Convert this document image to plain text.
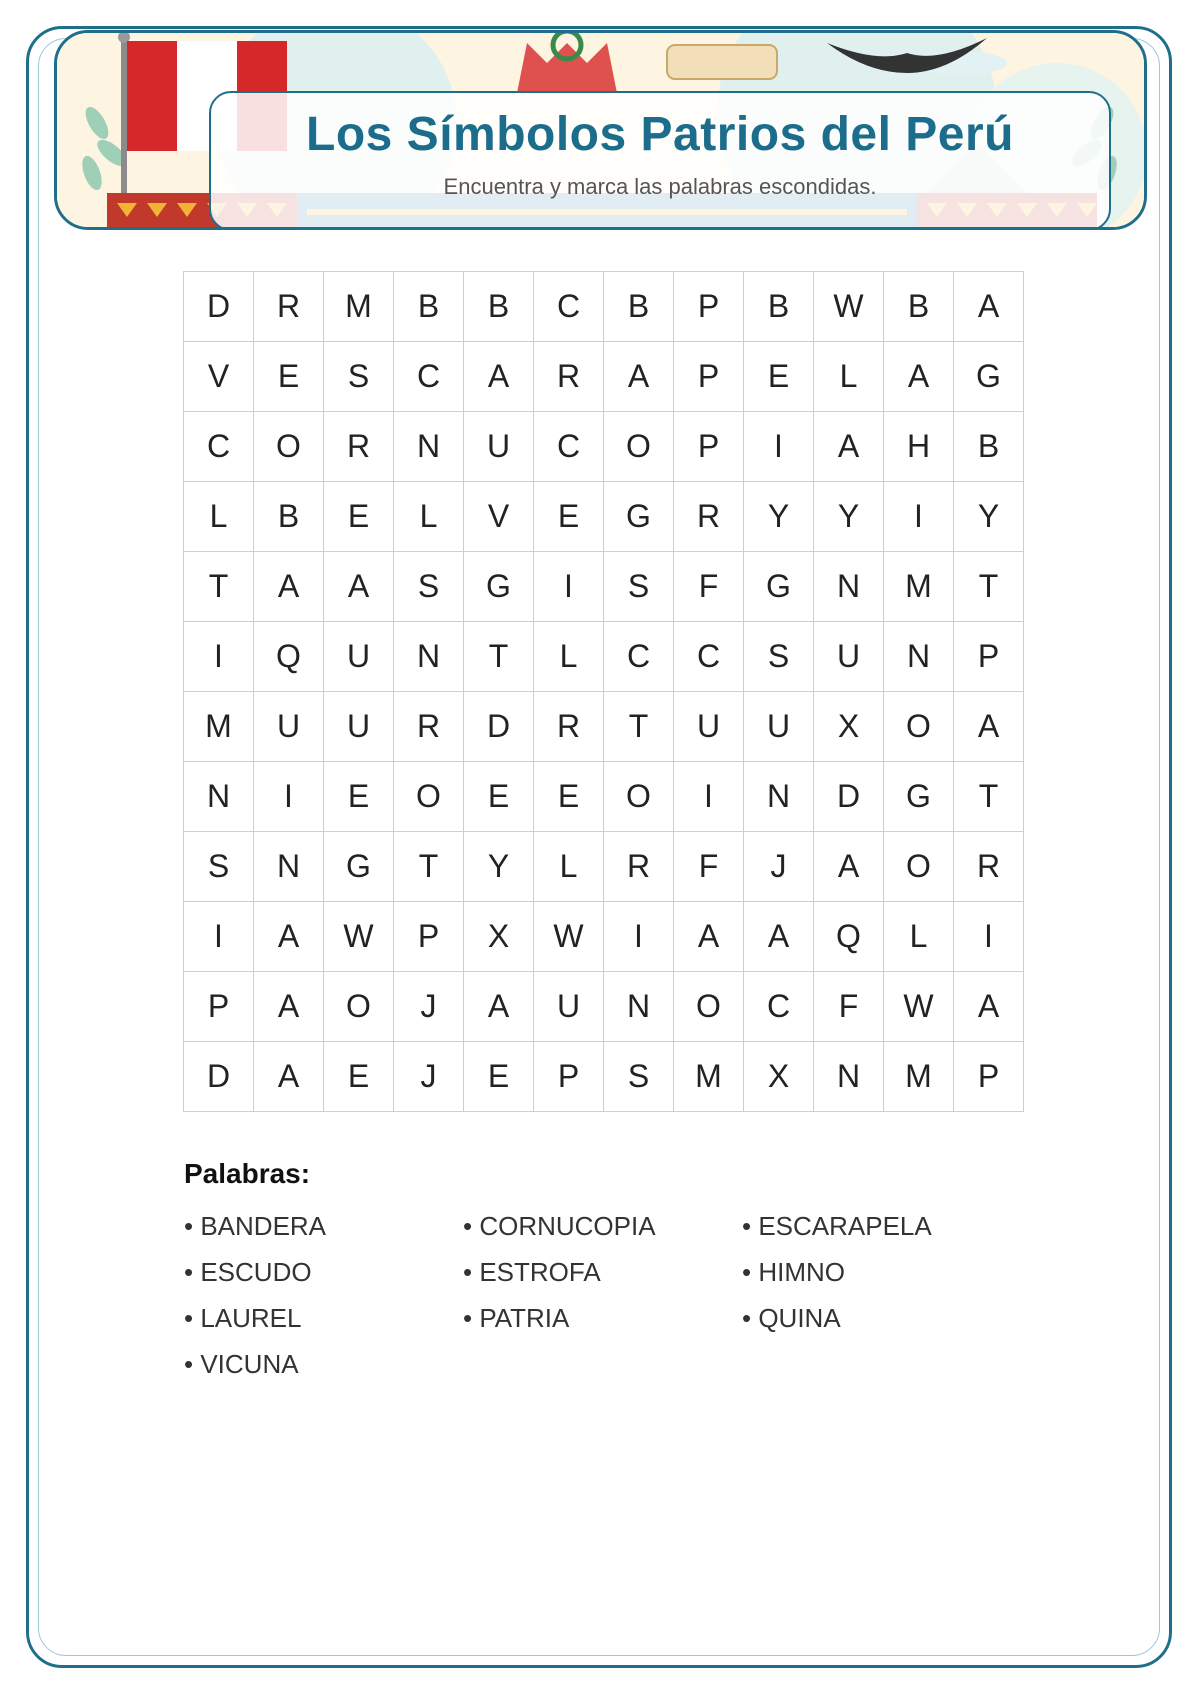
Los Símbolos Patrios del Perú
Encuentra y marca las palabras escondidas.
D	R	M	B	B	C	B	P	B	W	B	A
V	E	S	C	A	R	A	P	E	L	A	G
C	O	R	N	U	C	O	P	I	A	H	B
L	B	E	L	V	E	G	R	Y	Y	I	Y
T	A	A	S	G	I	S	F	G	N	M	T
I	Q	U	N	T	L	C	C	S	U	N	P
M	U	U	R	D	R	T	U	U	X	O	A
N	I	E	O	E	E	O	I	N	D	G	T
S	N	G	T	Y	L	R	F	J	A	O	R
I	A	W	P	X	W	I	A	A	Q	L	I
P	A	O	J	A	U	N	O	C	F	W	A
D	A	E	J	E	P	S	M	X	N	M	P
Palabras:
• BANDERA	• CORNUCOPIA	• ESCARAPELA
• ESCUDO	• ESTROFA	• HIMNO
• LAUREL	• PATRIA	• QUINA
• VICUNA
